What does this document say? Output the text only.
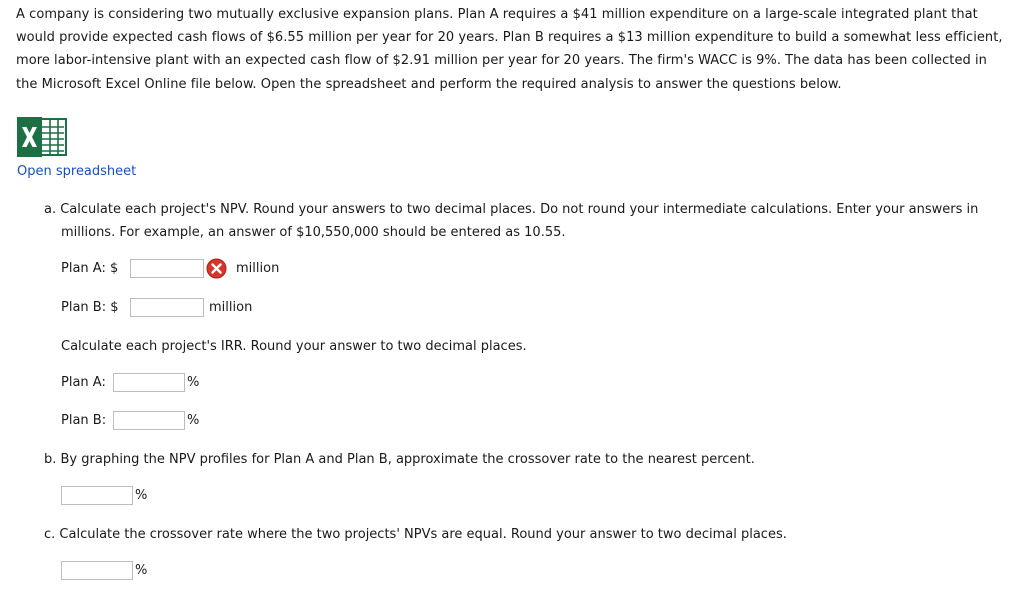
A company is considering two mutually exclusive expansion plans. Plan A requires a $41 million expenditure on a large-scale integrated plant that would provide expected cash flows of $6.55 million per year for 20 years. Plan B requires a $13 million expenditure to build a somewhat less efficient, more labor-intensive plant with an expected cash flow of $2.91 million per year for 20 years. The firm's WACC is 9%. The data has been collected in the Microsoft Excel Online file below. Open the spreadsheet and perform the required analysis to answer the questions below.

Open spreadsheet

a. Calculate each project's NPV. Round your answers to two decimal places. Do not round your intermediate calculations. Enter your answers in
millions. For example, an answer of $10,550,000 should be entered as 10.55.

Plan A: $	million
Plan B: $	million
Calculate each project's IRR. Round your answer to two decimal places.
Plan A:	%
Plan B:	%
b. By graphing the NPV profiles for Plan A and Plan B, approximate the crossover rate to the nearest percent.
%
c. Calculate the crossover rate where the two projects' NPVs are equal. Round your answer to two decimal places.
%
